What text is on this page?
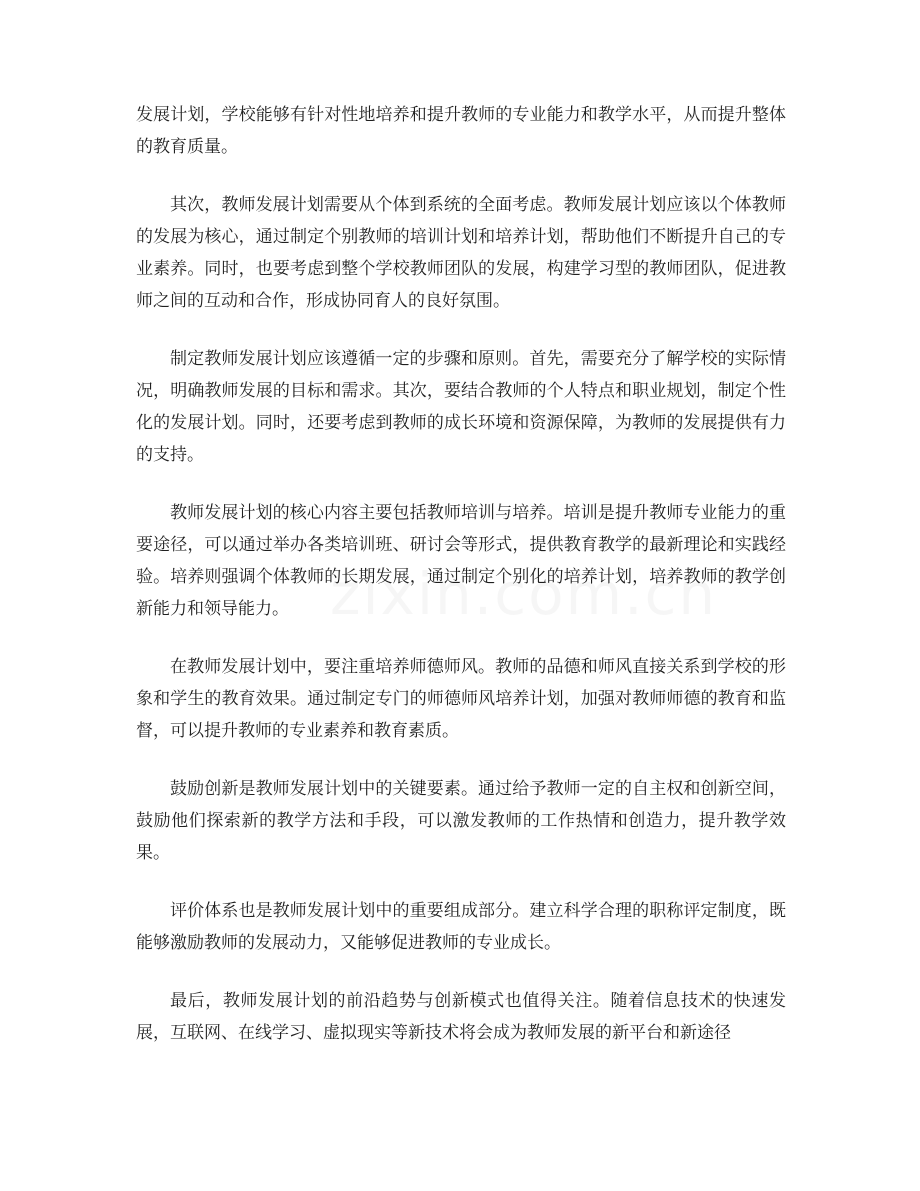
发展计划，学校能够有针对性地培养和提升教师的专业能力和教学水平，从而提升整体的教育质量。

其次，教师发展计划需要从个体到系统的全面考虑。教师发展计划应该以个体教师的发展为核心，通过制定个别教师的培训计划和培养计划，帮助他们不断提升自己的专业素养。同时，也要考虑到整个学校教师团队的发展，构建学习型的教师团队，促进教师之间的互动和合作，形成协同育人的良好氛围。

制定教师发展计划应该遵循一定的步骤和原则。首先，需要充分了解学校的实际情况，明确教师发展的目标和需求。其次，要结合教师的个人特点和职业规划，制定个性化的发展计划。同时，还要考虑到教师的成长环境和资源保障，为教师的发展提供有力的支持。

教师发展计划的核心内容主要包括教师培训与培养。培训是提升教师专业能力的重要途径，可以通过举办各类培训班、研讨会等形式，提供教育教学的最新理论和实践经验。培养则强调个体教师的长期发展，通过制定个别化的培养计划，培养教师的教学创新能力和领导能力。

在教师发展计划中，要注重培养师德师风。教师的品德和师风直接关系到学校的形象和学生的教育效果。通过制定专门的师德师风培养计划，加强对教师师德的教育和监督，可以提升教师的专业素养和教育素质。

鼓励创新是教师发展计划中的关键要素。通过给予教师一定的自主权和创新空间，鼓励他们探索新的教学方法和手段，可以激发教师的工作热情和创造力，提升教学效果。

评价体系也是教师发展计划中的重要组成部分。建立科学合理的职称评定制度，既能够激励教师的发展动力，又能够促进教师的专业成长。

最后，教师发展计划的前沿趋势与创新模式也值得关注。随着信息技术的快速发展，互联网、在线学习、虚拟现实等新技术将会成为教师发展的新平台和新途径
